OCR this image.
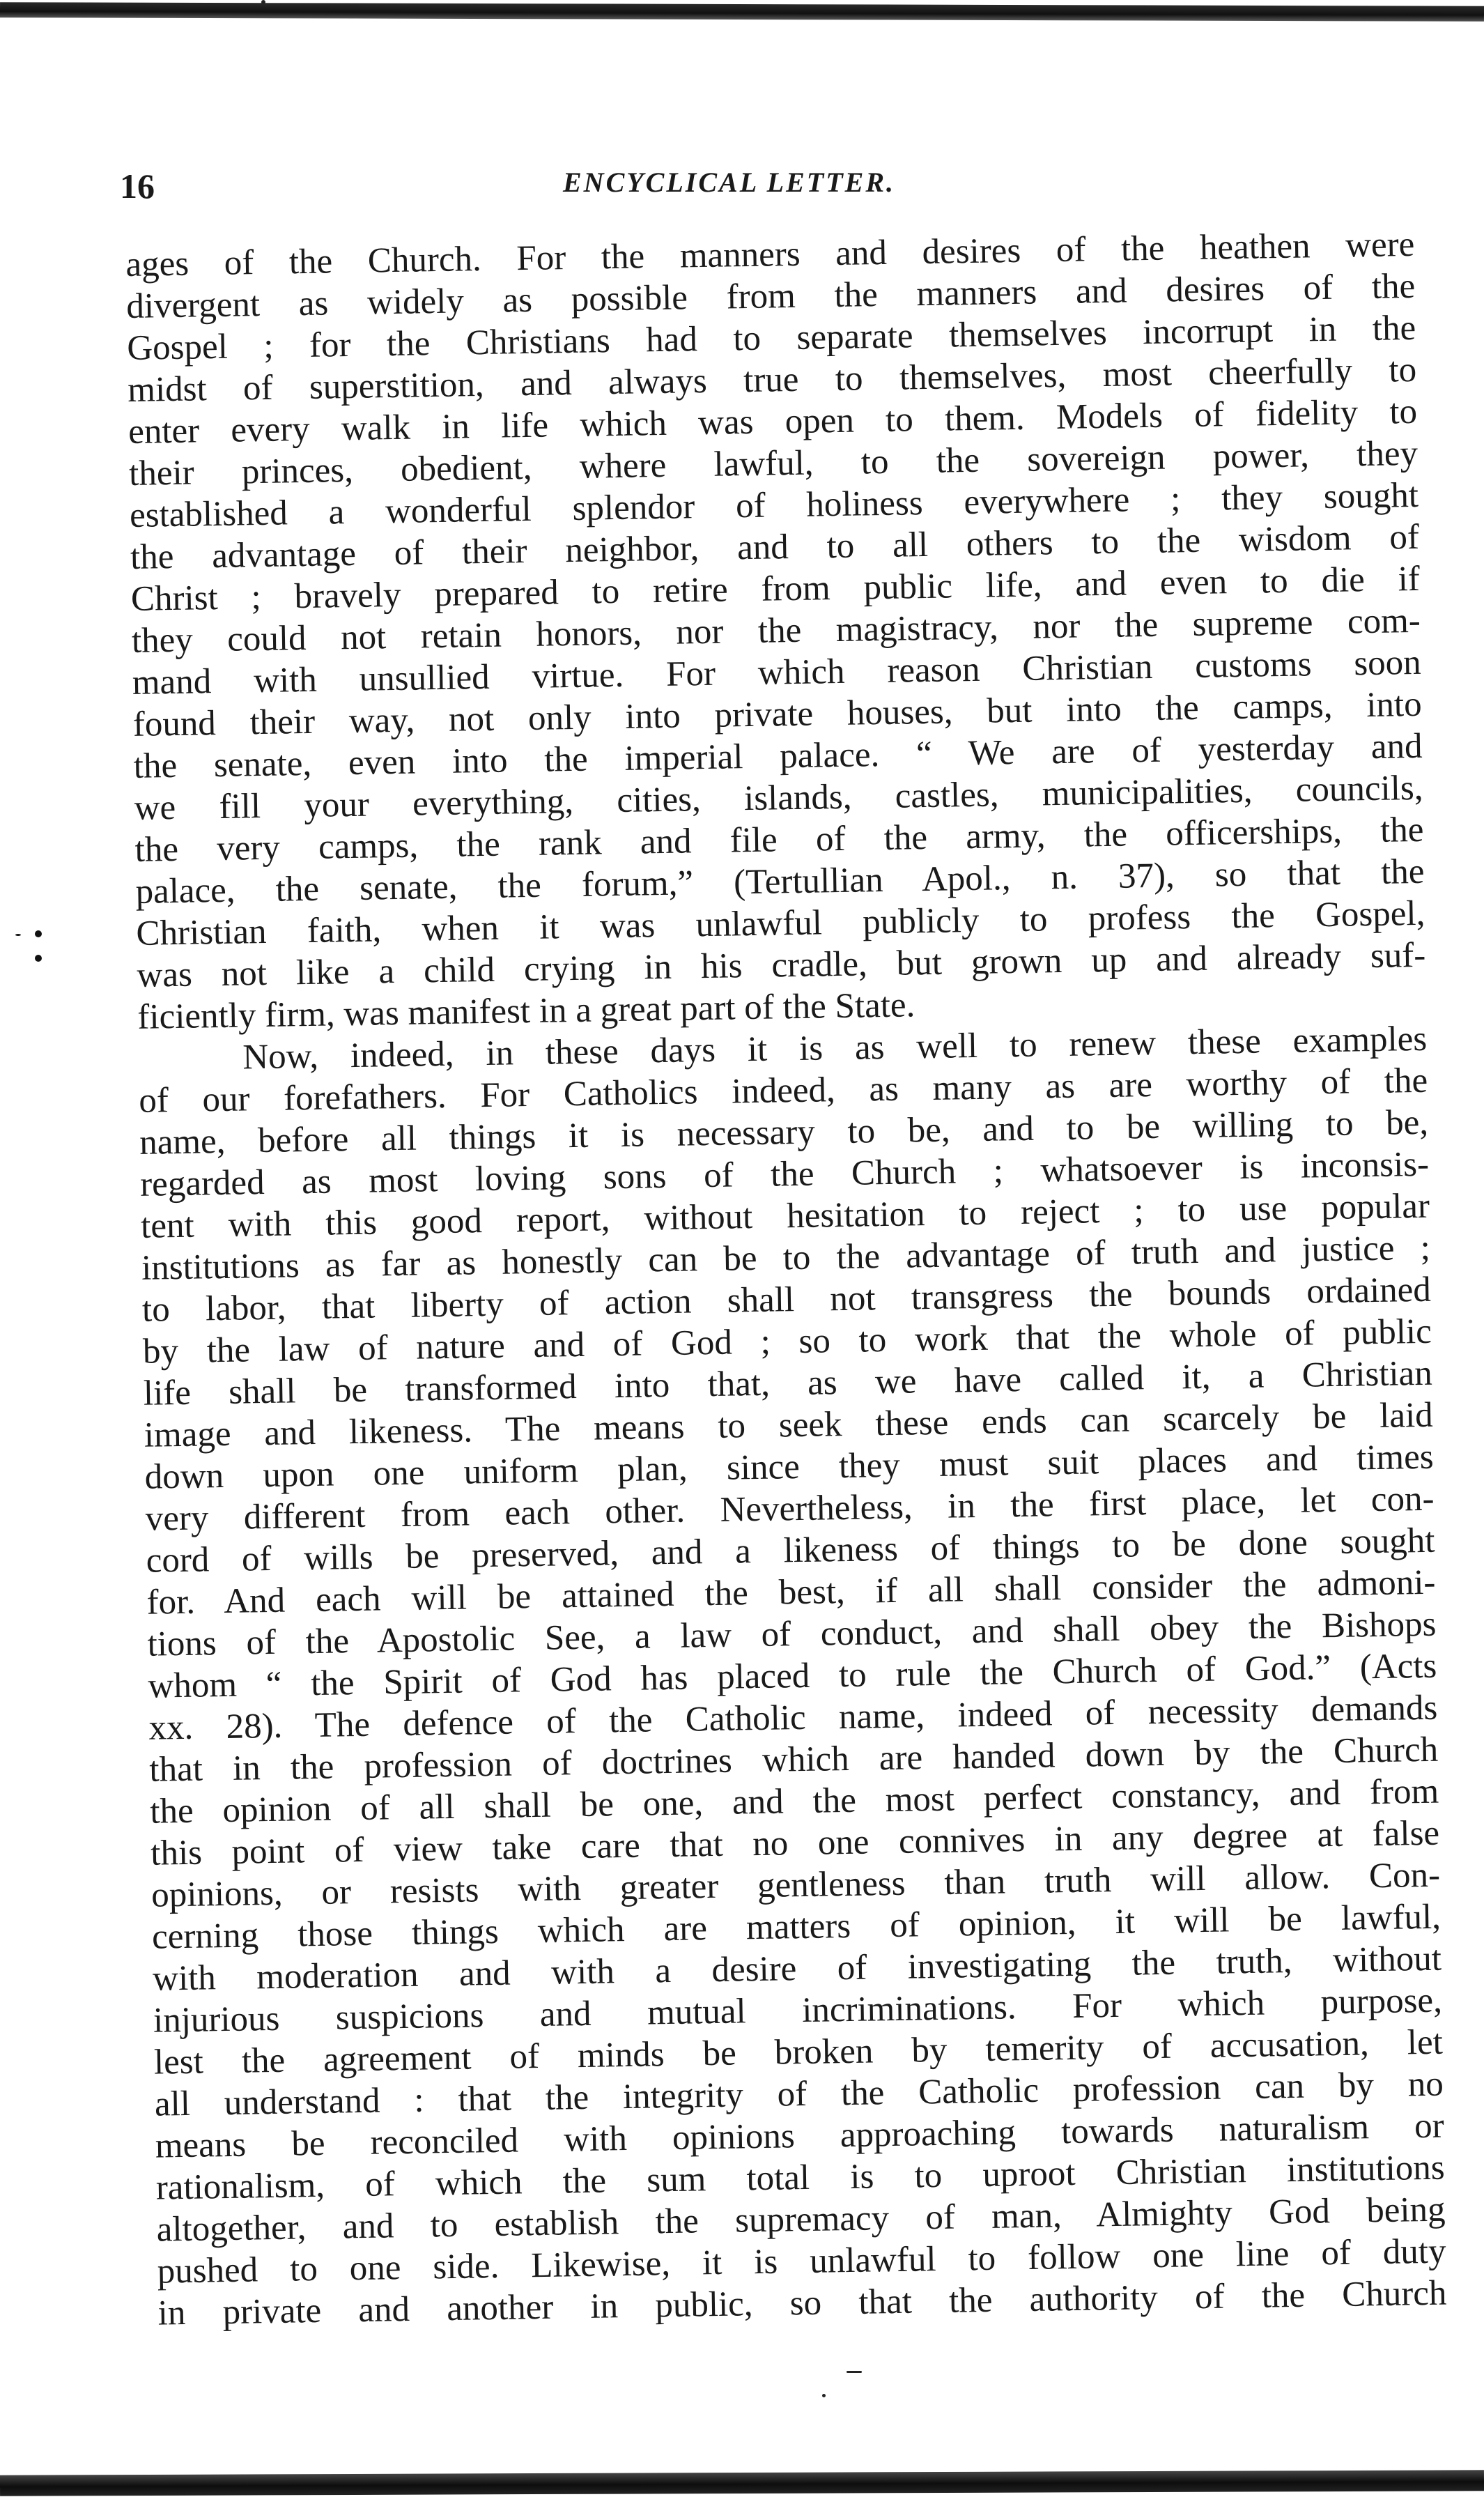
16	ENCYCLICAL LETTER.
ages of the Church. For the manners and desires of the heathen were
divergent as widely as possible from the manners and desires of the
Gospel ; for the Christians had to separate themselves incorrupt in the
midst of superstition, and always true to themselves, most cheerfully to
enter every walk in life which was open to them. Models of fidelity to
their princes, obedient, where lawful, to the sovereign power, they
established a wonderful splendor of holiness everywhere ; they sought
the advantage of their neighbor, and to all others to the wisdom of
Christ ; bravely prepared to retire from public life, and even to die if
they could not retain honors, nor the magistracy, nor the supreme com-
mand with unsullied virtue. For which reason Christian customs soon
found their way, not only into private houses, but into the camps, into
the senate, even into the imperial palace. “ We are of yesterday and
we fill your everything, cities, islands, castles, municipalities, councils,
the very camps, the rank and file of the army, the officerships, the
palace, the senate, the forum,” (Tertullian Apol., n. 37), so that the
Christian faith, when it was unlawful publicly to profess the Gospel,
was not like a child crying in his cradle, but grown up and already suf-
ficiently firm, was manifest in a great part of the State.
Now, indeed, in these days it is as well to renew these examples
of our forefathers. For Catholics indeed, as many as are worthy of the
name, before all things it is necessary to be, and to be willing to be,
regarded as most loving sons of the Church ; whatsoever is inconsis-
tent with this good report, without hesitation to reject ; to use popular
institutions as far as honestly can be to the advantage of truth and justice ;
to labor, that liberty of action shall not transgress the bounds ordained
by the law of nature and of God ; so to work that the whole of public
life shall be transformed into that, as we have called it, a Christian
image and likeness. The means to seek these ends can scarcely be laid
down upon one uniform plan, since they must suit places and times
very different from each other. Nevertheless, in the first place, let con-
cord of wills be preserved, and a likeness of things to be done sought
for. And each will be attained the best, if all shall consider the admoni-
tions of the Apostolic See, a law of conduct, and shall obey the Bishops
whom “ the Spirit of God has placed to rule the Church of God.” (Acts
xx. 28). The defence of the Catholic name, indeed of necessity demands
that in the profession of doctrines which are handed down by the Church
the opinion of all shall be one, and the most perfect constancy, and from
this point of view take care that no one connives in any degree at false
opinions, or resists with greater gentleness than truth will allow. Con-
cerning those things which are matters of opinion, it will be lawful,
with moderation and with a desire of investigating the truth, without
injurious suspicions and mutual incriminations. For which purpose,
lest the agreement of minds be broken by temerity of accusation, let
all understand : that the integrity of the Catholic profession can by no
means be reconciled with opinions approaching towards naturalism or
rationalism, of which the sum total is to uproot Christian institutions
altogether, and to establish the supremacy of man, Almighty God being
pushed to one side. Likewise, it is unlawful to follow one line of duty
in private and another in public, so that the authority of the Church
